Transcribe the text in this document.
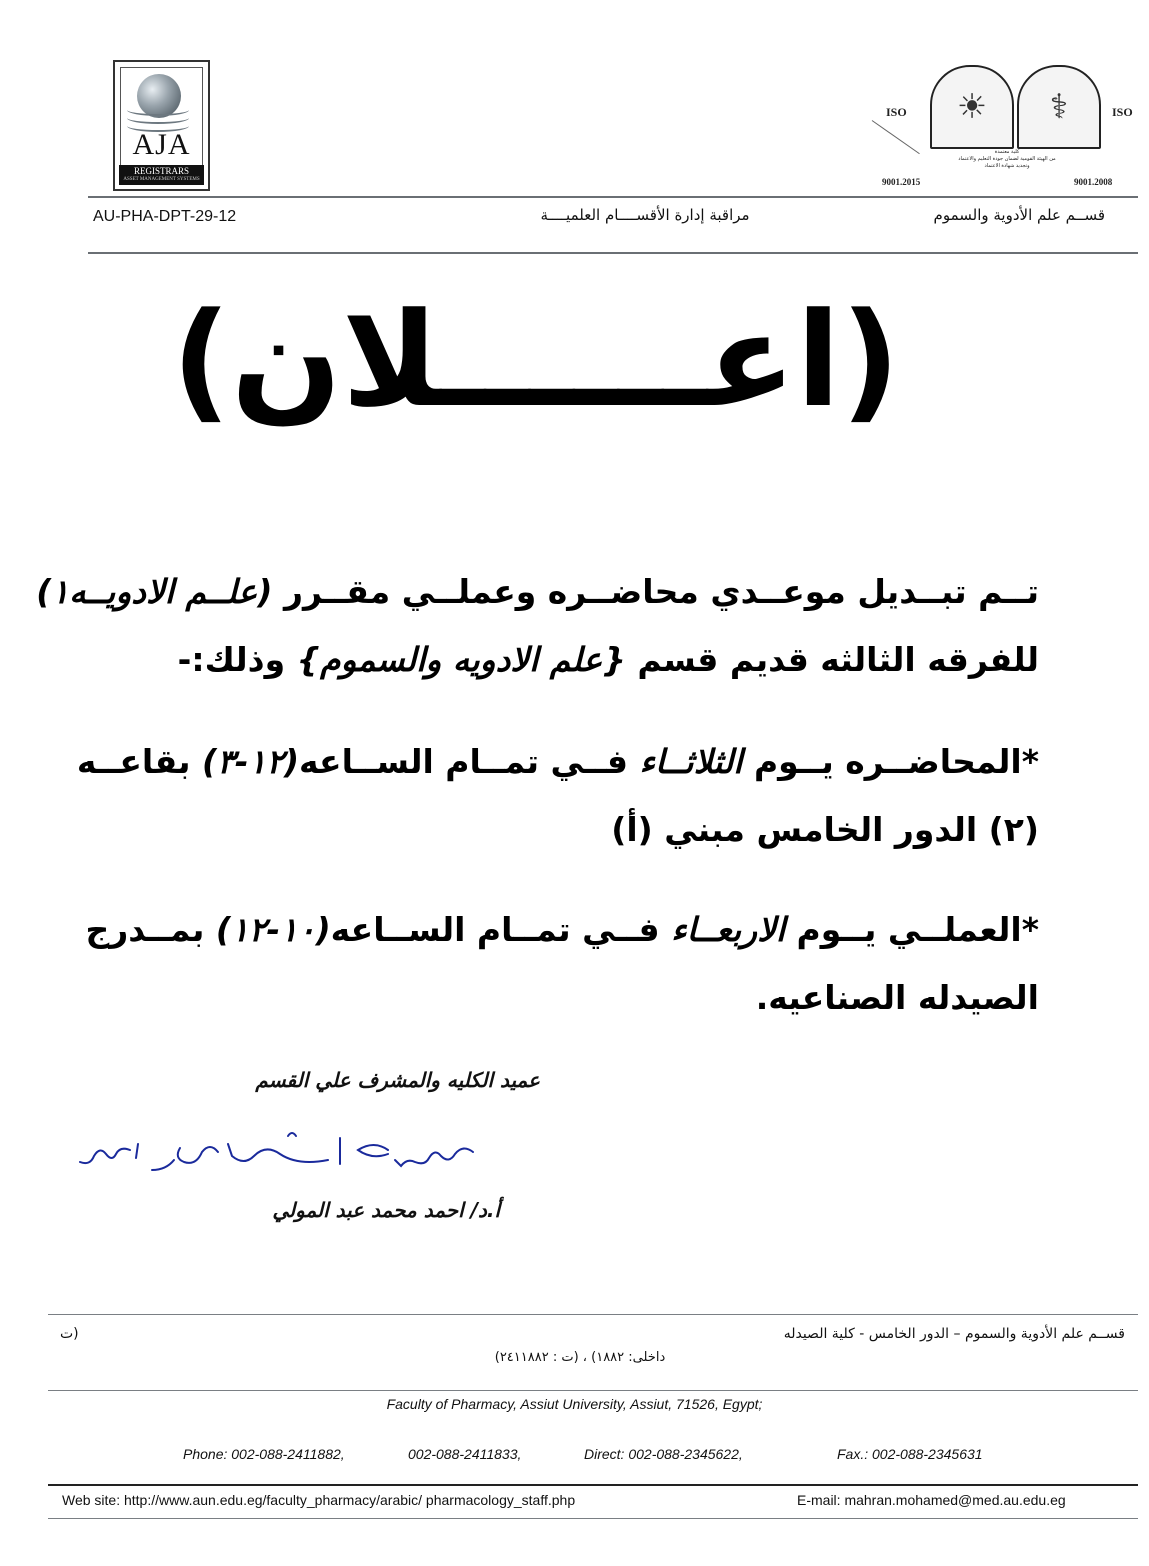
AJA
REGISTRARS
ASSET MANAGEMENT SYSTEMS
ISO	☀	⚕	ISO
كلية معتمدة
من الهيئة القومية لضمان جودة التعليم والاعتماد
وتجديد شهادة الاعتماد
9001.2015	9001.2008
AU-PHA-DPT-29-12	مراقبة إدارة الأقســــام العلميــــة	قســم علم الأدوية والسموم
(اعــــــلان)
تــم تبــديل موعــدي محاضــره وعملــي مقــرر (علــم الادويــه١)
للفرقه الثالثه قديم قسم {علم الادويه والسموم} وذلك:-
*المحاضــره يــوم الثلاثــاء فــي تمــام الســاعه(١٢-٣) بقاعــه
(٢) الدور الخامس مبني (أ)
*العملــي يــوم الاربعــاء فــي تمــام الســاعه(١٠-١٢) بمــدرج
الصيدله الصناعيه.
عميد الكليه والمشرف علي القسم
أ.د/ احمد محمد عبد المولي
قســم علم الأدوية والسموم – الدور الخامس - كلية الصيدله
(ت
داخلى: ١٨٨٢) ، (ت : ٢٤١١٨٨٢)
Faculty of Pharmacy, Assiut University, Assiut, 71526, Egypt;
Phone: 002-088-2411882,	002-088-2411833,	Direct: 002-088-2345622,	Fax.: 002-088-2345631
Web site: http://www.aun.edu.eg/faculty_pharmacy/arabic/ pharmacology_staff.php	E-mail: mahran.mohamed@med.au.edu.eg
